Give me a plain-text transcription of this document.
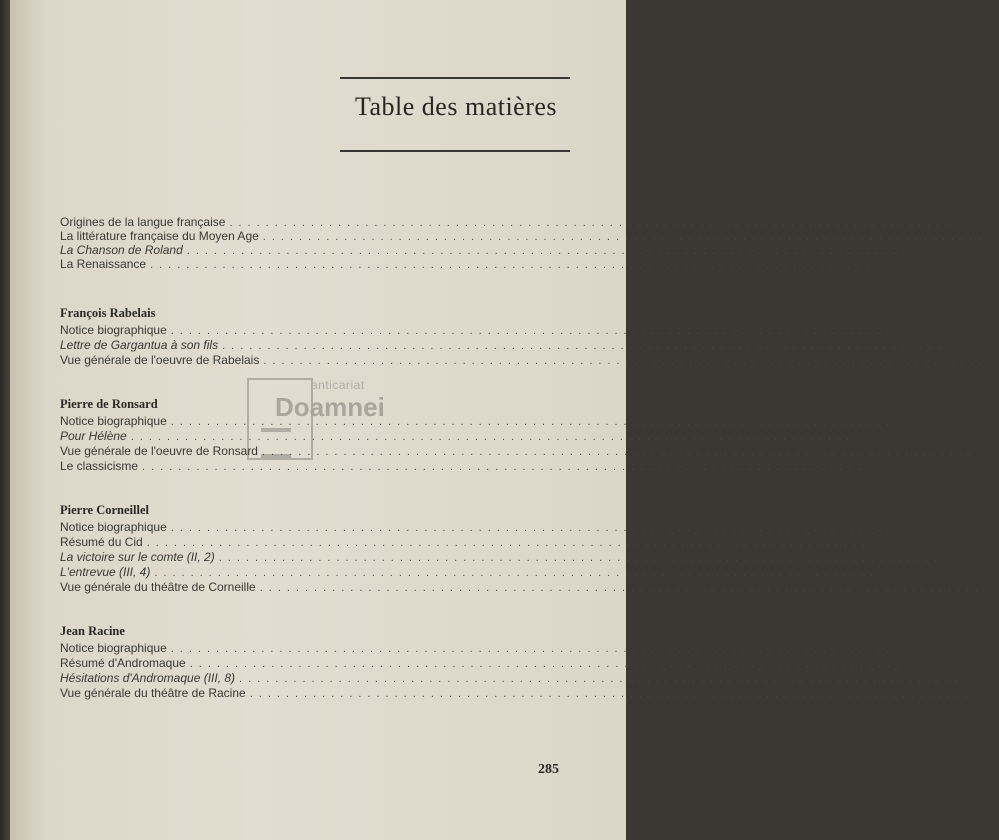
Table des matières
anticariat
Doamnei
Origines de la langue française ................................................................................ 3
La littérature française du Moyen Age ................................................................................ 8
La Chanson de Roland ................................................................................ 15
La Renaissance ................................................................................ 23
François Rabelais
Notice biographique ................................................................................ 30
Lettre de Gargantua à son fils ................................................................................ 32
Vue générale de l'oeuvre de Rabelais ................................................................................ 37
Pierre de Ronsard
Notice biographique ................................................................................ 43
Pour Hélène ................................................................................ 44
Vue générale de l'oeuvre de Ronsard ................................................................................ 48
Le classicisme ................................................................................ 51
Pierre Corneillel
Notice biographique ................................................................................ 57
Résumé du Cid ................................................................................ 59
La victoire sur le comte (II, 2) ................................................................................ 61
L'entrevue (III, 4) ................................................................................ 69
Vue générale du théâtre de Corneille ................................................................................ 75
Jean Racine
Notice biographique ................................................................................ 78
Résumé d'Andromaque ................................................................................ 79
Hésitations d'Andromaque (III, 8) ................................................................................ 83
Vue générale du théâtre de Racine ................................................................................ 90
285
